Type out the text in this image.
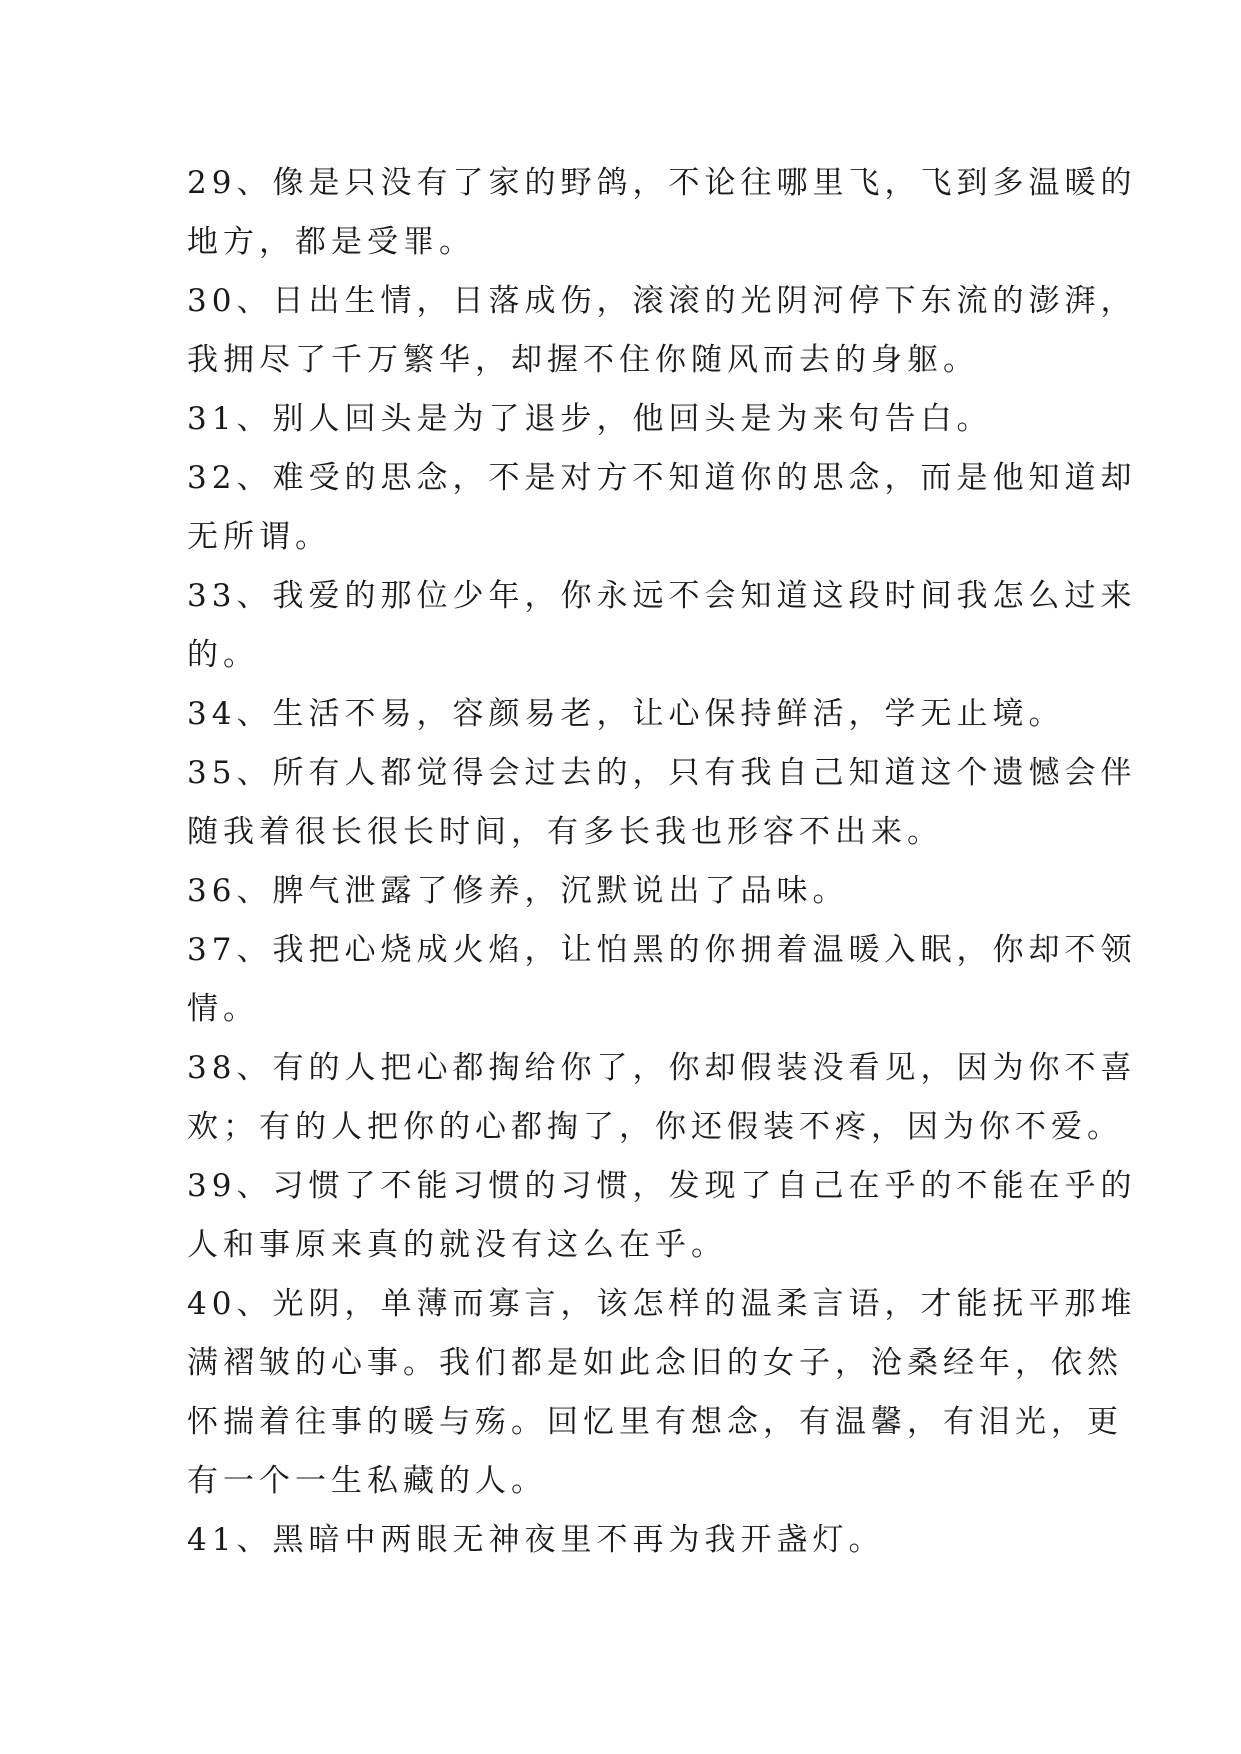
29、像是只没有了家的野鸽，不论往哪里飞，飞到多温暖的
地方，都是受罪。
30、日出生情，日落成伤，滚滚的光阴河停下东流的澎湃，
我拥尽了千万繁华，却握不住你随风而去的身躯。
31、别人回头是为了退步，他回头是为来句告白。
32、难受的思念，不是对方不知道你的思念，而是他知道却
无所谓。
33、我爱的那位少年，你永远不会知道这段时间我怎么过来
的。
34、生活不易，容颜易老，让心保持鲜活，学无止境。
35、所有人都觉得会过去的，只有我自己知道这个遗憾会伴
随我着很长很长时间，有多长我也形容不出来。
36、脾气泄露了修养，沉默说出了品味。
37、我把心烧成火焰，让怕黑的你拥着温暖入眠，你却不领
情。
38、有的人把心都掏给你了，你却假装没看见，因为你不喜
欢；有的人把你的心都掏了，你还假装不疼，因为你不爱。
39、习惯了不能习惯的习惯，发现了自己在乎的不能在乎的
人和事原来真的就没有这么在乎。
40、光阴，单薄而寡言，该怎样的温柔言语，才能抚平那堆
满褶皱的心事。我们都是如此念旧的女子，沧桑经年，依然
怀揣着往事的暖与殇。回忆里有想念，有温馨，有泪光，更
有一个一生私藏的人。
41、黑暗中两眼无神夜里不再为我开盏灯。
